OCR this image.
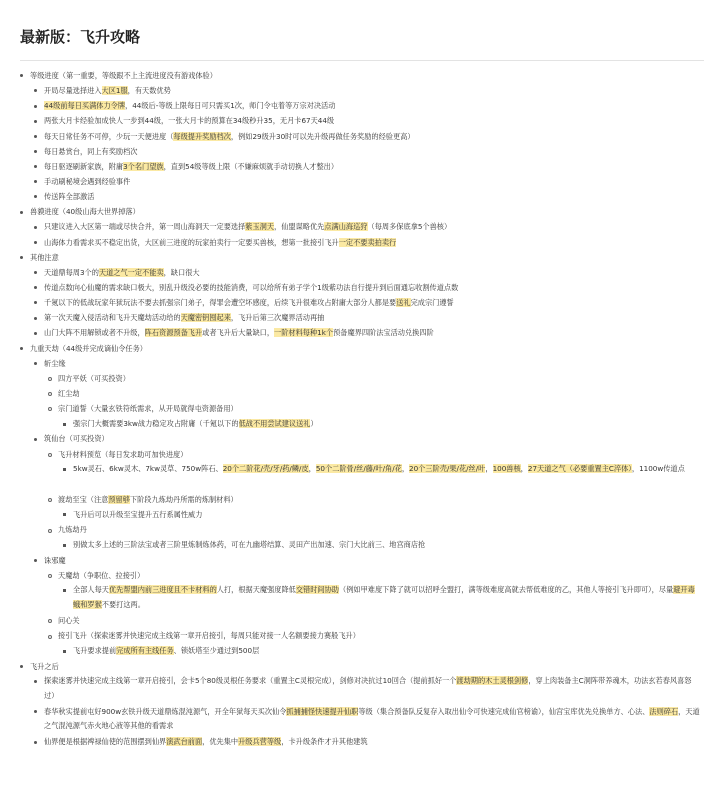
最新版：飞升攻略
等级进度（第一重要，等级跟不上主流进度没有游戏体验）
开局尽量选择进入大区1服，有天数优势
44级前每日买满体力令牌，44级后-等级上限每日可只需买1次，师门令屯着等万宗对决活动
两张大月卡经验加成快人一步到44级，一张大月卡的预算在34级秒升35，无月卡67天44级
每天日常任务不可停，少玩一天便进度（每级提升奖励档次，例如29级升30时可以先升级再做任务奖励的经验更高）
每日悬赏台，同上有奖励档次
每日驱逐刷新家族，附庸3个名门望族，直到54级等级上限（不嫌麻烦就手动切换人才整出）
手动刷秘境会遇到经验事件
传送阵全部激活
兽貘进度（40级山海大世界掉落）
只建议进入大区第一端或尽快合并，第一周山海洞天一定要选择紫玉洞天，仙盟谋略优先点满山海巡狩（每周多保底拿5个兽核）
山海体力看需求买不稳定出货，大区前三进度的玩家拍卖行一定要买兽核，想第一批接引飞升一定不要卖拍卖行
其他注意
天道鼎每周3个的天道之气一定不能卖，缺口很大
传道点数向心仙魔的需求缺口极大，别乱升级没必要的技能消费，可以给所有弟子学个1级紫功法自行提升到后面通忘收割传道点数
千氪以下的低战玩家年狱玩法不要去抓强宗门弟子，得罪会遭空坏感度，后续飞升很难攻占附庸大部分人都是要送礼完成宗门遵誓
第一次天魔入侵活动和飞升天魔劫活动给的天魔密钥囤起来，飞升后第三次魔界活动再抽
山门大阵不用解锁或者不升级，阵石资源预备飞升或者飞升后大量缺口，一阶材料每种1k个预备魔界四阶法宝活动兑换四阶
九重天劫（44级并完成谪仙令任务）
斩尘缘
四方平妖（可买投资）
红尘劫
宗门道誓（大量玄铁符纸需求，从开局就得屯资源备用）
强宗门大概需要3kw战力稳定攻占附庸（千氪以下的低战不用尝试建议送礼）
筑仙台（可买投资）
飞升材料预览（每日发求助可加快进度）
5kw灵石、6kw灵木、7kw灵草、750w阵石、20个二阶花/壳/牙/药/鳞/皮，50个二阶骨/丝/藤/叶/角/花，20个三阶壳/果/花/丝/叶，100兽核，27天道之气（必要重置主C淬体），1100w传道点
渡劫至宝（注意预留够下阶段九炼劫丹所需的炼制材料）
飞升后可以升级至宝提升五行系属性威力
九炼劫丹
别做太多上述的三阶法宝或者三阶里炼制炼体药，可在九幽塔结算、灵田产出加速、宗门大比前三、地宫商店抢
诛邪魔
天魔劫（争职位、拉接引）
全部人每天优先帮盟内前三进度且不卡材料的人打，根据天魔强度降低交错时间协助（例如甲难度下降了就可以招呼全盟打，满等级难度高就去帮低难度的乙，其他人等接引飞升即可），尽量避开毒蛾和罗猴不要打这两。
问心关
接引飞升（探索迷雾并快速完成主线第一章开启接引，每周只能对接一人名额要接力赛般飞升）
飞升要求提前完成所有主线任务、锁妖塔至少通过到500层
飞升之后
探索迷雾并快速完成主线第一章开启接引，会卡5个80级灵根任务要求（重置主C灵根完成），剑修对决抗过10回合（提前抓好一个渡劫期的木土灵根剑修，穿上肉装备主C洞阵带养魂木，功法玄若春风喜怒过）
春华秋实提前屯好900w玄铁升级天道鼎炼混沌源气，开全年狱每天买次仙令抓捕捕怪快速提升仙职等级（集合预备队反复存入取出仙令可快速完成仙官榜谕），仙宫宝库优先兑换单方、心法、法则碎石，天道之气混沌源气赤火地心液等其他的看需求
仙界便是根据裨禄仙使的范围摆到仙界演武台前面，优先集中升级兵营等级，卡升级条件才升其他建筑
